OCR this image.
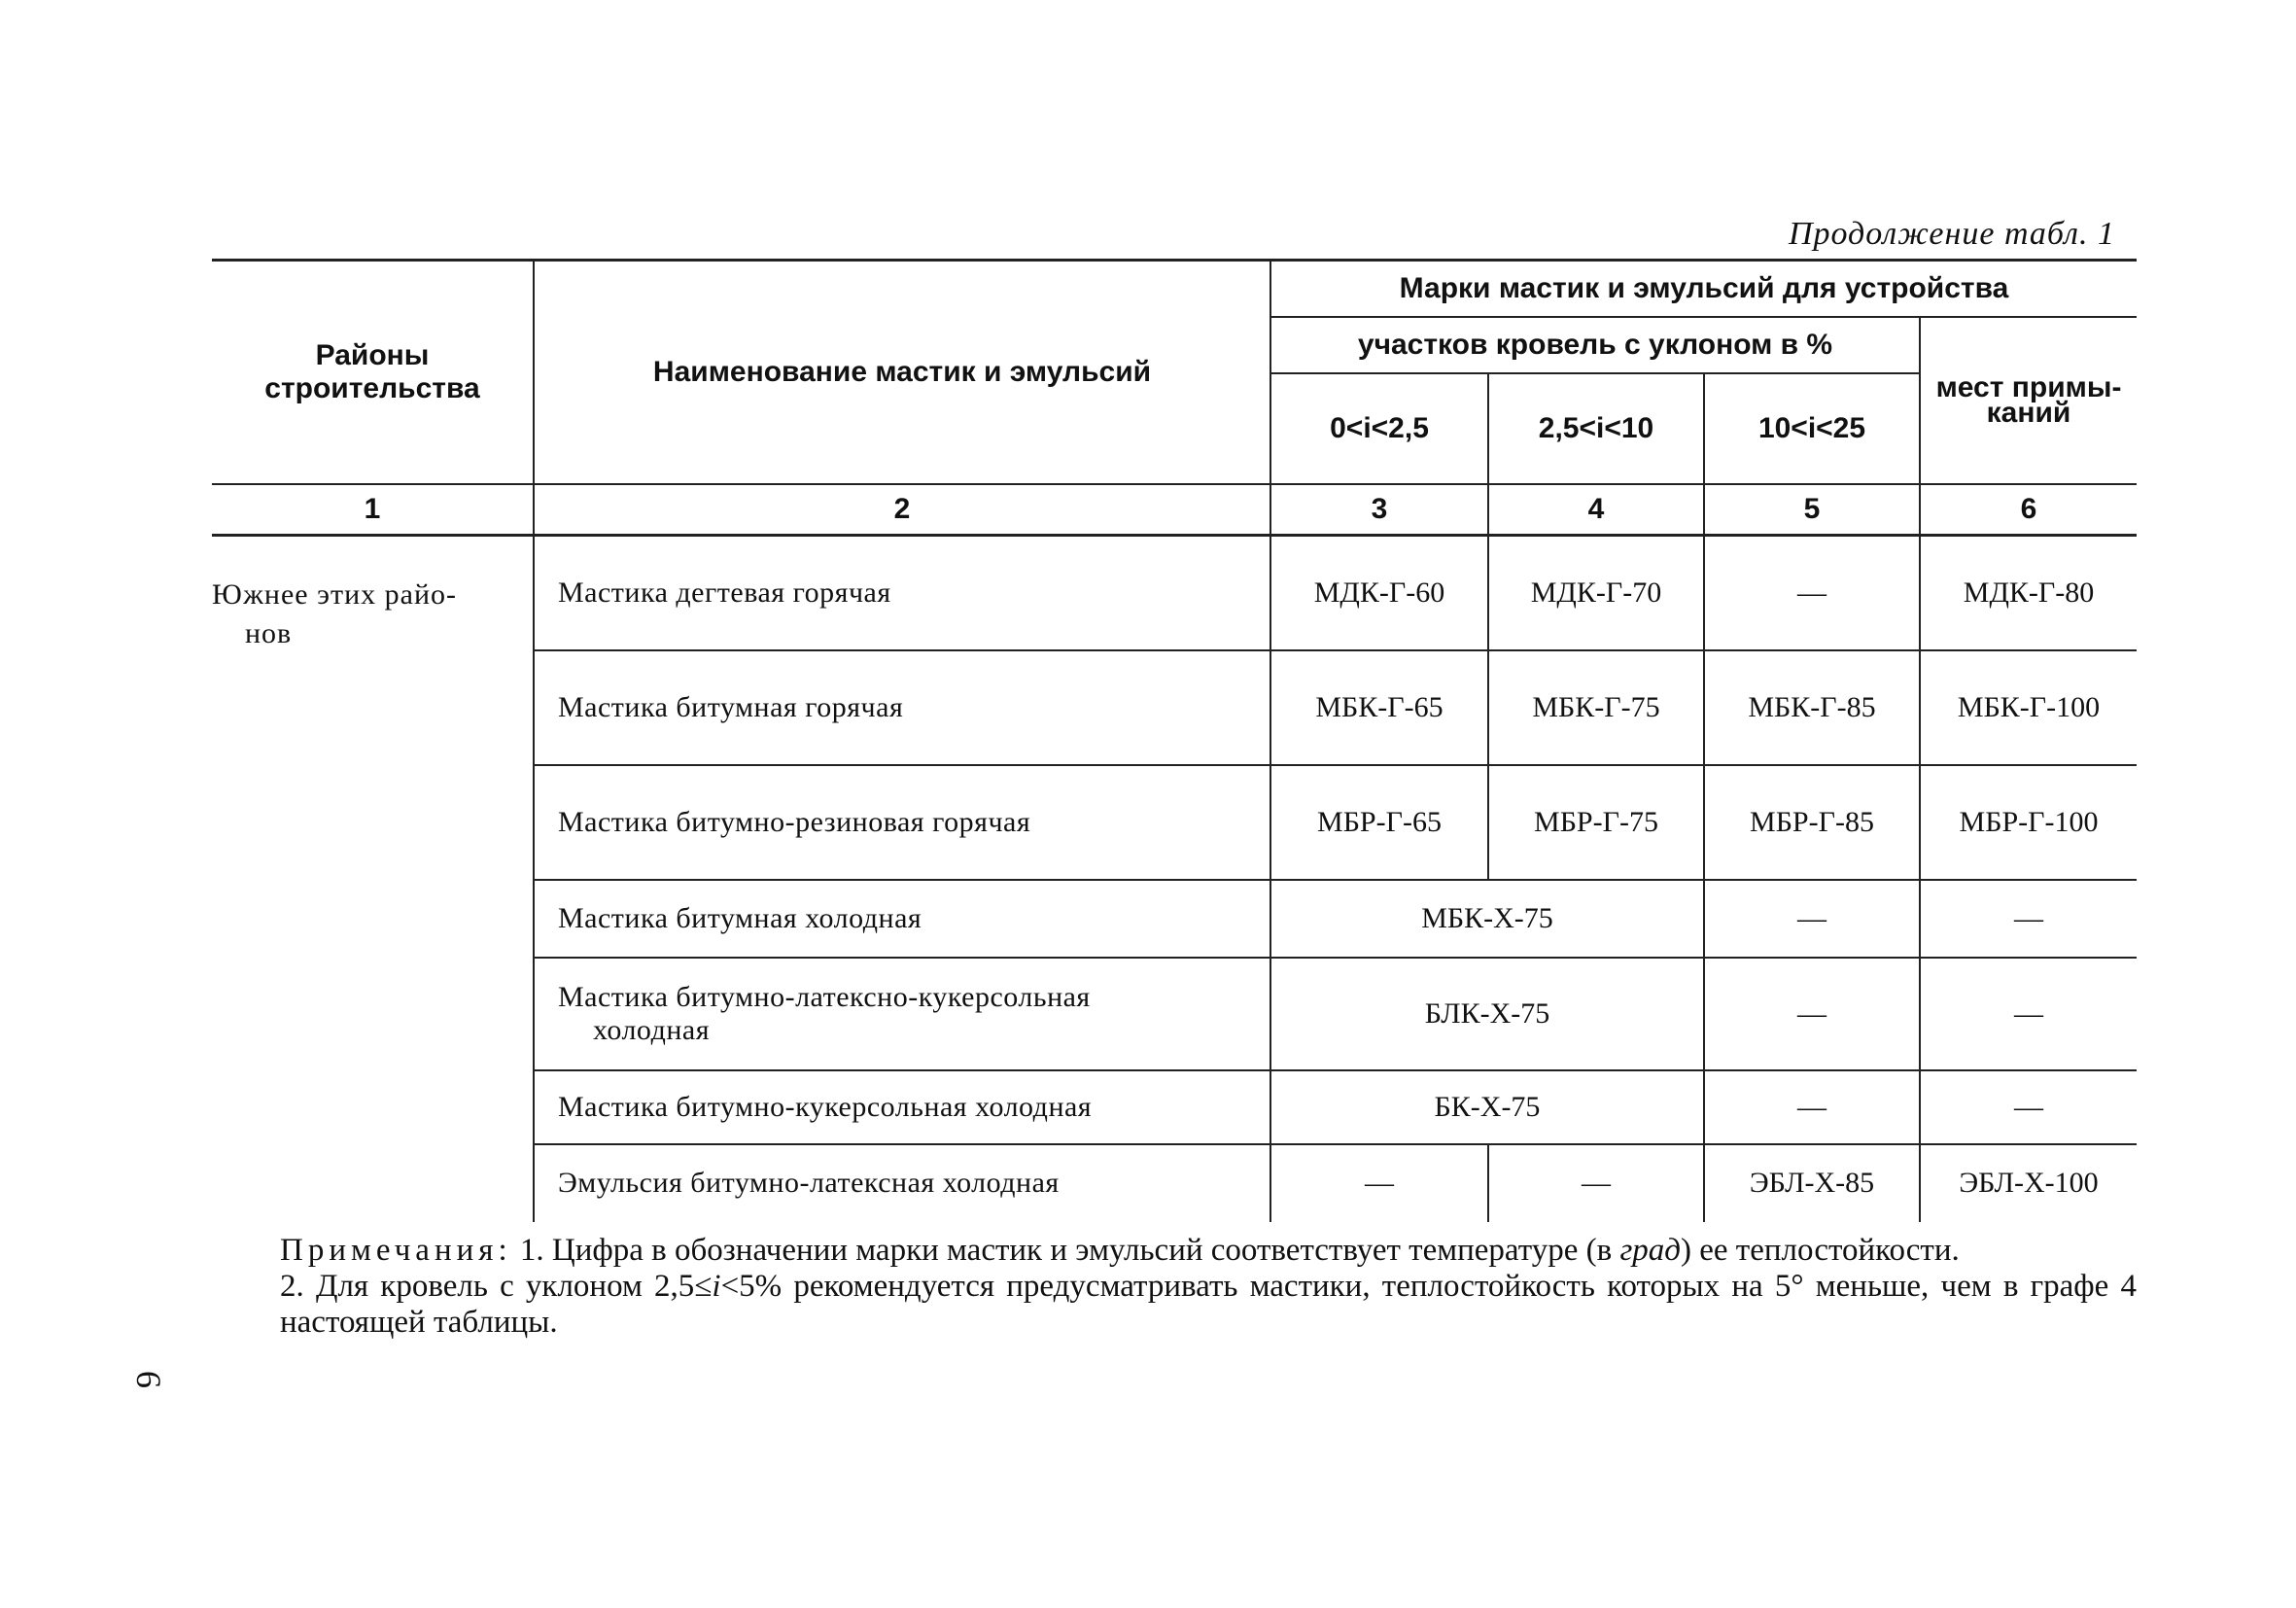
Продолжение табл. 1
Районы строительства	Наименование мастик и эмульсий	Марки мастик и эмульсий для устройства			
		участков кровель с уклоном в %			мест примы-
каний
		0<i<2,5	2,5<i<10	10<i<25	
1	2	3	4	5	6
Южнее этих райо-
нов	Мастика дегтевая горячая	МДК-Г-60	МДК-Г-70	—	МДК-Г-80
	Мастика битумная горячая	МБК-Г-65	МБК-Г-75	МБК-Г-85	МБК-Г-100
	Мастика битумно-резиновая горячая	МБР-Г-65	МБР-Г-75	МБР-Г-85	МБР-Г-100
	Мастика битумная холодная	МБК-Х-75		—	—
	Мастика битумно-латексно-кукерсольная
холодная	БЛК-Х-75		—	—
	Мастика битумно-кукерсольная холодная	БК-Х-75		—	—
	Эмульсия битумно-латексная холодная	—	—	ЭБЛ-Х-85	ЭБЛ-Х-100

Примечания: 1. Цифра в обозначении марки мастик и эмульсий соответствует температуре (в град) ее теплостойкости.

2. Для кровель с уклоном 2,5≤i<5% рекомендуется предусматривать мастики, теплостойкость которых на 5° меньше, чем в графе 4 настоящей таблицы.

6
